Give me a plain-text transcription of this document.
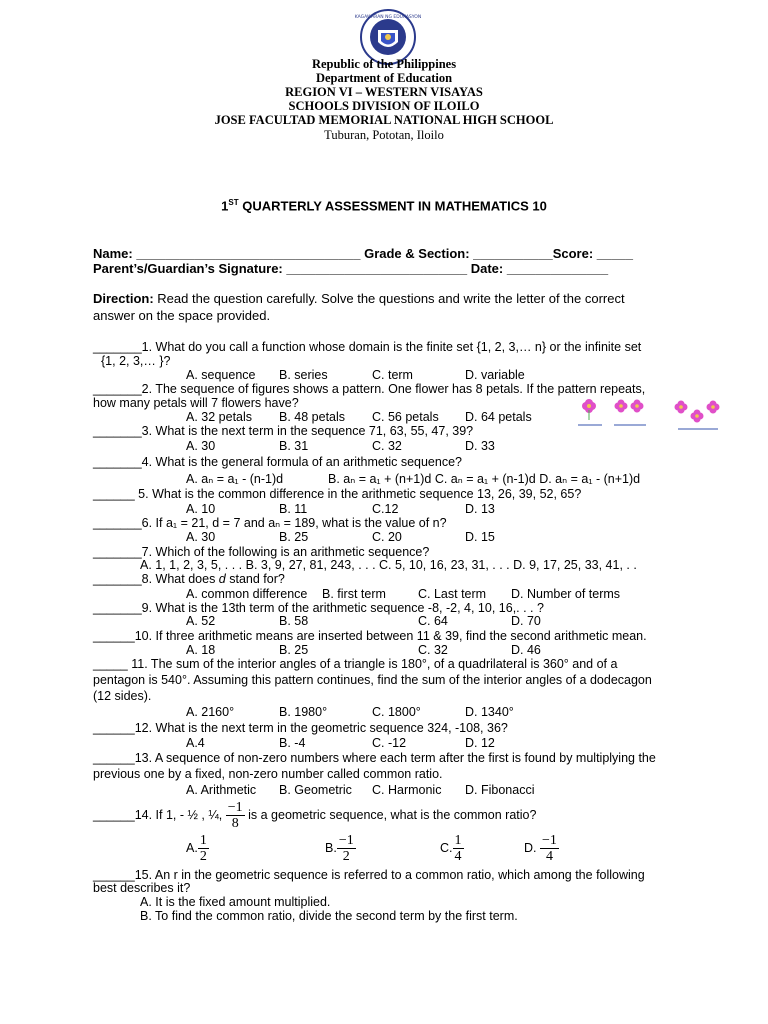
KAGAWARAN NG EDUKASYON
Republic of the Philippines
Department of Education
REGION VI – WESTERN VISAYAS
SCHOOLS DIVISION OF ILOILO
JOSE FACULTAD MEMORIAL NATIONAL HIGH SCHOOL
Tuburan, Pototan, Iloilo
1ST QUARTERLY ASSESSMENT IN MATHEMATICS 10
Name: _______________________________ Grade & Section: ___________Score: _____
Parent’s/Guardian’s Signature: _________________________ Date: ______________
Direction: Read the question carefully. Solve the questions and write the letter of the correct
answer on the space provided.
_______1. What do you call a function whose domain is the finite set {1, 2, 3,… n} or the infinite set
{1, 2, 3,… }?
A. sequence B. series	C. term	D. variable
_______2. The sequence of figures shows a pattern. One flower has 8 petals. If the pattern repeats,
how many petals will 7 flowers have?
A. 32 petals B. 48 petals C. 56 petals D. 64 petals
_______3. What is the next term in the sequence 71, 63, 55, 47, 39?
A. 30	B. 31	C. 32	D. 33
_______4. What is the general formula of an arithmetic sequence?
A. aₙ = a₁ - (n-1)d	B. aₙ = a₁ + (n+1)d C. aₙ = a₁ + (n-1)d D. aₙ = a₁ - (n+1)d
______ 5. What is the common difference in the arithmetic sequence 13, 26, 39, 52, 65?
A. 10	B. 11	C.12	D. 13
_______6. If a₁ = 21, d = 7 and aₙ = 189, what is the value of n?
A. 30	B. 25	C. 20	D. 15
_______7. Which of the following is an arithmetic sequence?
A. 1, 1, 2, 3, 5, . . . B. 3, 9, 27, 81, 243, . . . C. 5, 10, 16, 23, 31, . . . D. 9, 17, 25, 33, 41, . .
_______8. What does d stand for?
A. common difference B. first term	C. Last term D. Number of terms
_______9. What is the 13th term of the arithmetic sequence -8, -2, 4, 10, 16,. . . ?
A. 52	B. 58	C. 64	D. 70
______10. If three arithmetic means are inserted between 11 & 39, find the second arithmetic mean.
A. 18	B. 25	C. 32	D. 46
_____ 11. The sum of the interior angles of a triangle is 180°, of a quadrilateral is 360° and of a
pentagon is 540°. Assuming this pattern continues, find the sum of the interior angles of a dodecagon
(12 sides).
A. 2160°	B. 1980°	C. 1800°	D. 1340°
______12. What is the next term in the geometric sequence 324, -108, 36?
A.4	B. -4	C. -12	D. 12
______13. A sequence of non-zero numbers where each term after the first is found by multiplying the
previous one by a fixed, non-zero number called common ratio.
A. Arithmetic B. Geometric C. Harmonic D. Fibonacci
______14. If 1, - ½ , ¼, $\frac{-1}{8}$ is a geometric sequence, what is the common ratio?
A. $\frac{1}{2}$	B. $\frac{-1}{2}$	C. $\frac{1}{4}$	D. $\frac{-1}{4}$
______15. An r in the geometric sequence is referred to a common ratio, which among the following
best describes it?
A. It is the fixed amount multiplied.
B. To find the common ratio, divide the second term by the first term.
